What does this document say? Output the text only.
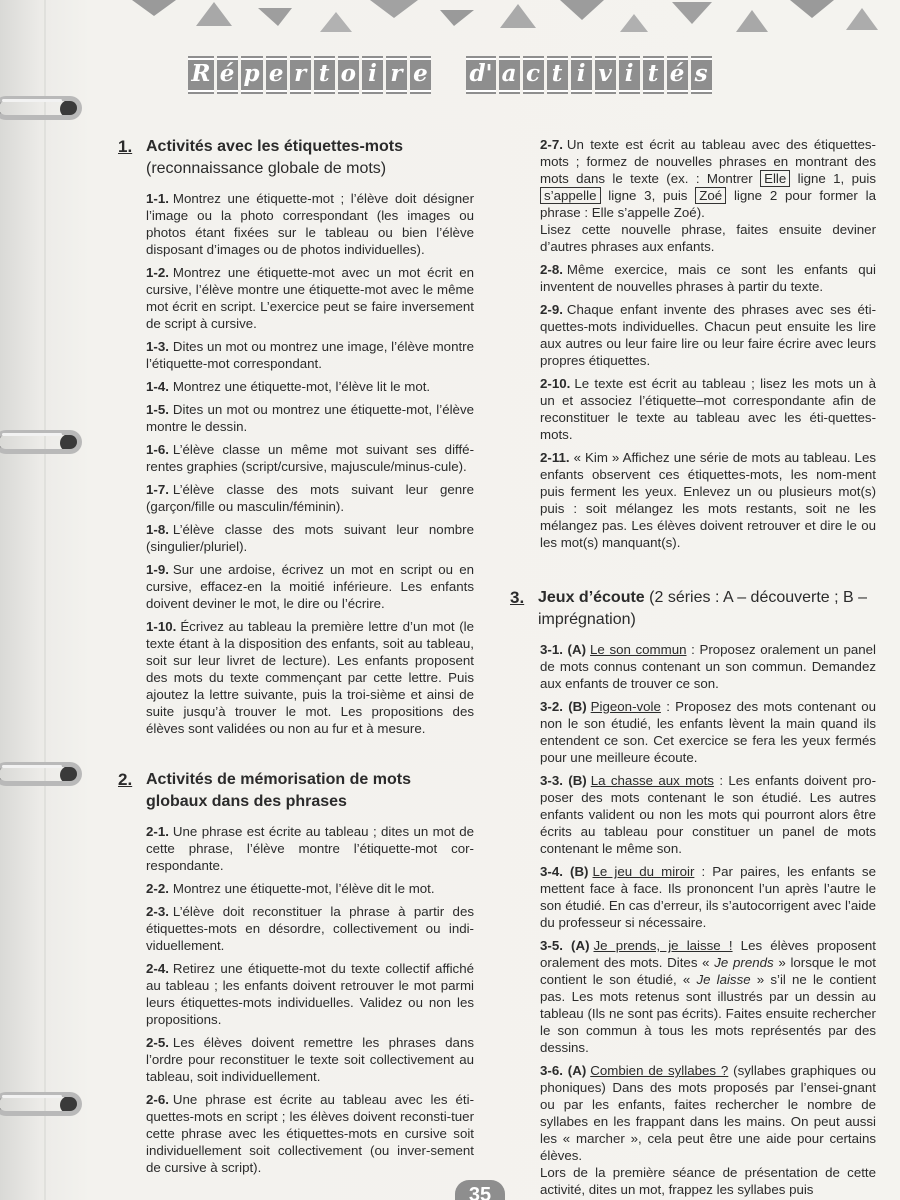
R é p e r t o i r e d' a c t i v i t é s
1. Activités avec les étiquettes-mots
(reconnaissance globale de mots)
1-1. Montrez une étiquette-mot ; l’élève doit désigner l’image ou la photo correspondant (les images ou photos étant fixées sur le tableau ou bien l’élève disposant d’images ou de photos individuelles).
1-2. Montrez une étiquette-mot avec un mot écrit en cursive, l’élève montre une étiquette-mot avec le même mot écrit en script. L’exercice peut se faire inversement de script à cursive.
1-3. Dites un mot ou montrez une image, l’élève montre l’étiquette-mot correspondant.
1-4. Montrez une étiquette-mot, l’élève lit le mot.
1-5. Dites un mot ou montrez une étiquette-mot, l’élève montre le dessin.
1-6. L’élève classe un même mot suivant ses diffé-rentes graphies (script/cursive, majuscule/minus-cule).
1-7. L’élève classe des mots suivant leur genre (garçon/fille ou masculin/féminin).
1-8. L’élève classe des mots suivant leur nombre (singulier/pluriel).
1-9. Sur une ardoise, écrivez un mot en script ou en cursive, effacez-en la moitié inférieure. Les enfants doivent deviner le mot, le dire ou l’écrire.
1-10. Écrivez au tableau la première lettre d’un mot (le texte étant à la disposition des enfants, soit au tableau, soit sur leur livret de lecture). Les enfants proposent des mots du texte commençant par cette lettre. Puis ajoutez la lettre suivante, puis la troi-sième et ainsi de suite jusqu’à trouver le mot. Les propositions des élèves sont validées ou non au fur et à mesure.
2. Activités de mémorisation de mots globaux dans des phrases
2-1. Une phrase est écrite au tableau ; dites un mot de cette phrase, l’élève montre l’étiquette-mot cor-respondante.
2-2. Montrez une étiquette-mot, l’élève dit le mot.
2-3. L’élève doit reconstituer la phrase à partir des étiquettes-mots en désordre, collectivement ou indi-viduellement.
2-4. Retirez une étiquette-mot du texte collectif affiché au tableau ; les enfants doivent retrouver le mot parmi leurs étiquettes-mots individuelles. Validez ou non les propositions.
2-5. Les élèves doivent remettre les phrases dans l’ordre pour reconstituer le texte soit collectivement au tableau, soit individuellement.
2-6. Une phrase est écrite au tableau avec les éti-quettes-mots en script ; les élèves doivent reconsti-tuer cette phrase avec les étiquettes-mots en cursive soit individuellement soit collectivement (ou inver-sement de cursive à script).
2-7. Un texte est écrit au tableau avec des étiquettes-mots ; formez de nouvelles phrases en montrant des mots dans le texte (ex. : Montrer Elle ligne 1, puis s’appelle ligne 3, puis Zoé ligne 2 pour former la phrase : Elle s’appelle Zoé).
Lisez cette nouvelle phrase, faites ensuite deviner d’autres phrases aux enfants.
2-8. Même exercice, mais ce sont les enfants qui inventent de nouvelles phrases à partir du texte.
2-9. Chaque enfant invente des phrases avec ses éti-quettes-mots individuelles. Chacun peut ensuite les lire aux autres ou leur faire lire ou leur faire écrire avec leurs propres étiquettes.
2-10. Le texte est écrit au tableau ; lisez les mots un à un et associez l’étiquette–mot correspondante afin de reconstituer le texte au tableau avec les éti-quettes-mots.
2-11. « Kim » Affichez une série de mots au tableau. Les enfants observent ces étiquettes-mots, les nom-ment puis ferment les yeux. Enlevez un ou plusieurs mot(s) puis : soit mélangez les mots restants, soit ne les mélangez pas. Les élèves doivent retrouver et dire le ou les mot(s) manquant(s).
3. Jeux d’écoute (2 séries : A – découverte ; B – imprégnation)
3-1. (A) Le son commun : Proposez oralement un panel de mots connus contenant un son commun. Demandez aux enfants de trouver ce son.
3-2. (B) Pigeon-vole : Proposez des mots contenant ou non le son étudié, les enfants lèvent la main quand ils entendent ce son. Cet exercice se fera les yeux fermés pour une meilleure écoute.
3-3. (B) La chasse aux mots : Les enfants doivent pro-poser des mots contenant le son étudié. Les autres enfants valident ou non les mots qui pourront alors être écrits au tableau pour constituer un panel de mots contenant le même son.
3-4. (B) Le jeu du miroir : Par paires, les enfants se mettent face à face. Ils prononcent l’un après l’autre le son étudié. En cas d’erreur, ils s’autocorrigent avec l’aide du professeur si nécessaire.
3-5. (A) Je prends, je laisse ! Les élèves proposent oralement des mots. Dites « Je prends » lorsque le mot contient le son étudié, « Je laisse » s’il ne le contient pas. Les mots retenus sont illustrés par un dessin au tableau (Ils ne sont pas écrits). Faites ensuite rechercher le son commun à tous les mots représentés par des dessins.
3-6. (A) Combien de syllabes ? (syllabes graphiques ou phoniques) Dans des mots proposés par l’ensei-gnant ou par les enfants, faites rechercher le nombre de syllabes en les frappant dans les mains. On peut aussi les « marcher », cela peut être une aide pour certains élèves.
Lors de la première séance de présentation de cette activité, dites un mot, frappez les syllabes puis
35
